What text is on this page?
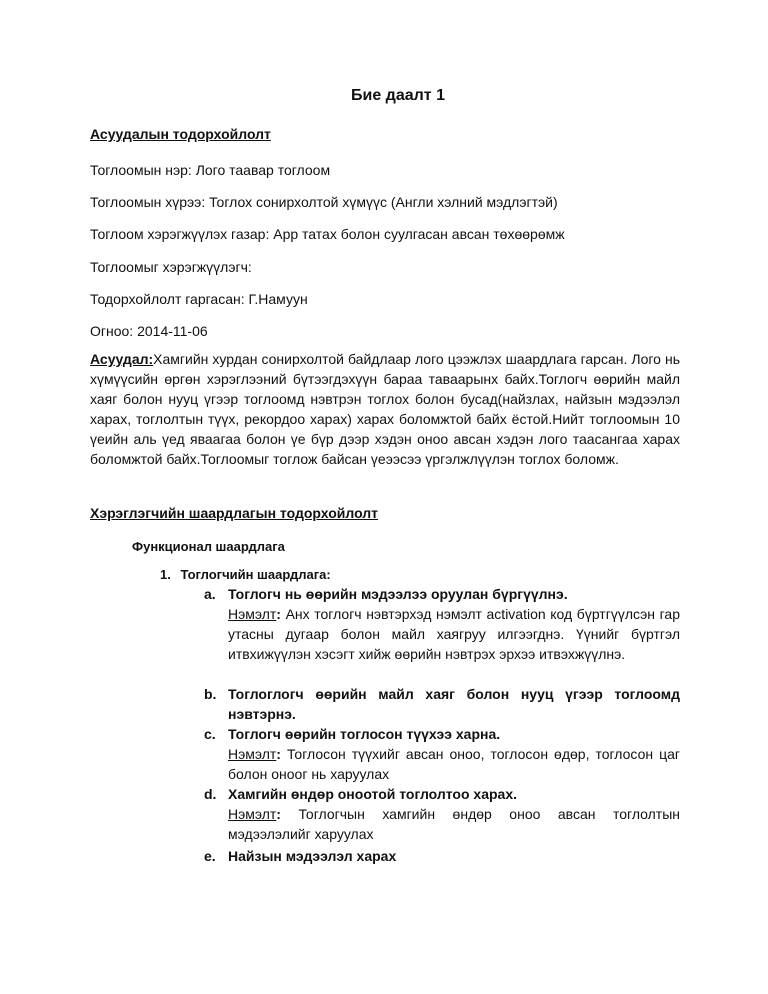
Бие даалт 1
Асуудалын тодорхойлолт
Тоглоомын нэр: Лого таавар тоглоом
Тоглоомын хүрээ: Тоглох сонирхолтой хүмүүс (Англи хэлний мэдлэгтэй)
Тоглоом хэрэгжүүлэх газар: App татах болон суулгасан авсан төхөөрөмж
Тоглоомыг хэрэгжүүлэгч:
Тодорхойлолт гаргасан: Г.Намуун
Огноо: 2014-11-06
Асуудал:Хамгийн хурдан сонирхолтой байдлаар лого цээжлэх шаардлага гарсан. Лого нь хүмүүсийн өргөн хэрэглээний бүтээгдэхүүн бараа таваарынх байх.Тоглогч өөрийн майл хаяг болон нууц үгээр тоглоомд нэвтрэн тоглох болон бусад(найзлах, найзын мэдээлэл харах, тоглолтын түүх, рекордоо харах) харах боломжтой байх ёстой.Нийт тоглоомын 10 үеийн аль үед яваагаа болон үе бүр дээр хэдэн оноо авсан хэдэн лого таасангаа харах боломжтой байх.Тоглоомыг тоглож байсан үеээсээ үргэлжлүүлэн тоглох боломж.
Хэрэглэгчийн шаардлагын тодорхойлолт
Функционал шаардлага
1. Тоглогчийн шаардлага:
a. Тоглогч нь өөрийн мэдээлээ оруулан бүргүүлнэ.
Нэмэлт: Анх тоглогч нэвтэрхэд нэмэлт activation код бүртгүүлсэн гар утасны дугаар болон майл хаягруу илгээгднэ. Үүнийг бүртгэл итвхижүүлэн хэсэгт хийж өөрийн нэвтрэх эрхээ итвэхжүүлнэ.
b. Тоглоглогч өөрийн майл хаяг болон нууц үгээр тоглоомд нэвтэрнэ.
c. Тоглогч өөрийн тоглосон түүхээ харна.
Нэмэлт: Тоглосон түүхийг авсан оноо, тоглосон өдөр, тоглосон цаг болон оноог нь харуулах
d. Хамгийн өндөр оноотой тоглолтоо харах.
Нэмэлт: Тоглогчын хамгийн өндөр оноо авсан тоглолтын мэдээлэлийг харуулах
e. Найзын мэдээлэл харах
